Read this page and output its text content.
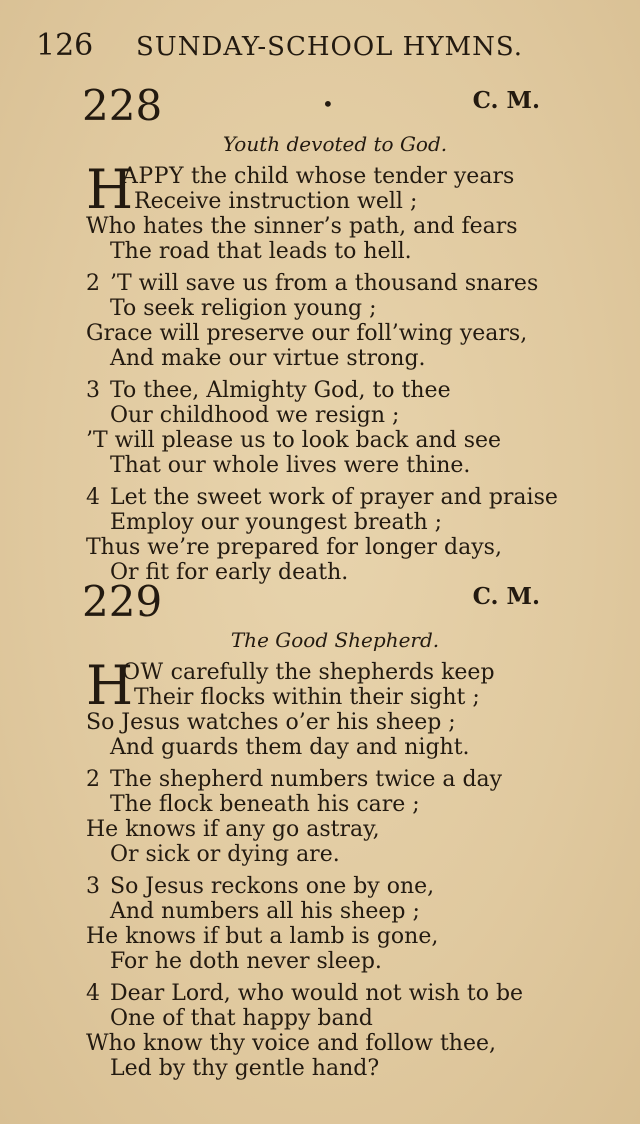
126 SUNDAY-SCHOOL HYMNS.
228	•	C. M.
Youth devoted to God.
H
APPY the child whose tender years
Receive instruction well ;
Who hates the sinner’s path, and fears
The road that leads to hell.
2 ’T will save us from a thousand snares
To seek religion young ;
Grace will preserve our foll’wing years,
And make our virtue strong.
3 To thee, Almighty God, to thee
Our childhood we resign ;
’T will please us to look back and see
That our whole lives were thine.
4 Let the sweet work of prayer and praise
Employ our youngest breath ;
Thus we’re prepared for longer days,
Or fit for early death.
229	C. M.
The Good Shepherd.
H
OW carefully the shepherds keep
Their flocks within their sight ;
So Jesus watches o’er his sheep ;
And guards them day and night.
2 The shepherd numbers twice a day
The flock beneath his care ;
He knows if any go astray,
Or sick or dying are.
3 So Jesus reckons one by one,
And numbers all his sheep ;
He knows if but a lamb is gone,
For he doth never sleep.
4 Dear Lord, who would not wish to be
One of that happy band
Who know thy voice and follow thee,
Led by thy gentle hand?
